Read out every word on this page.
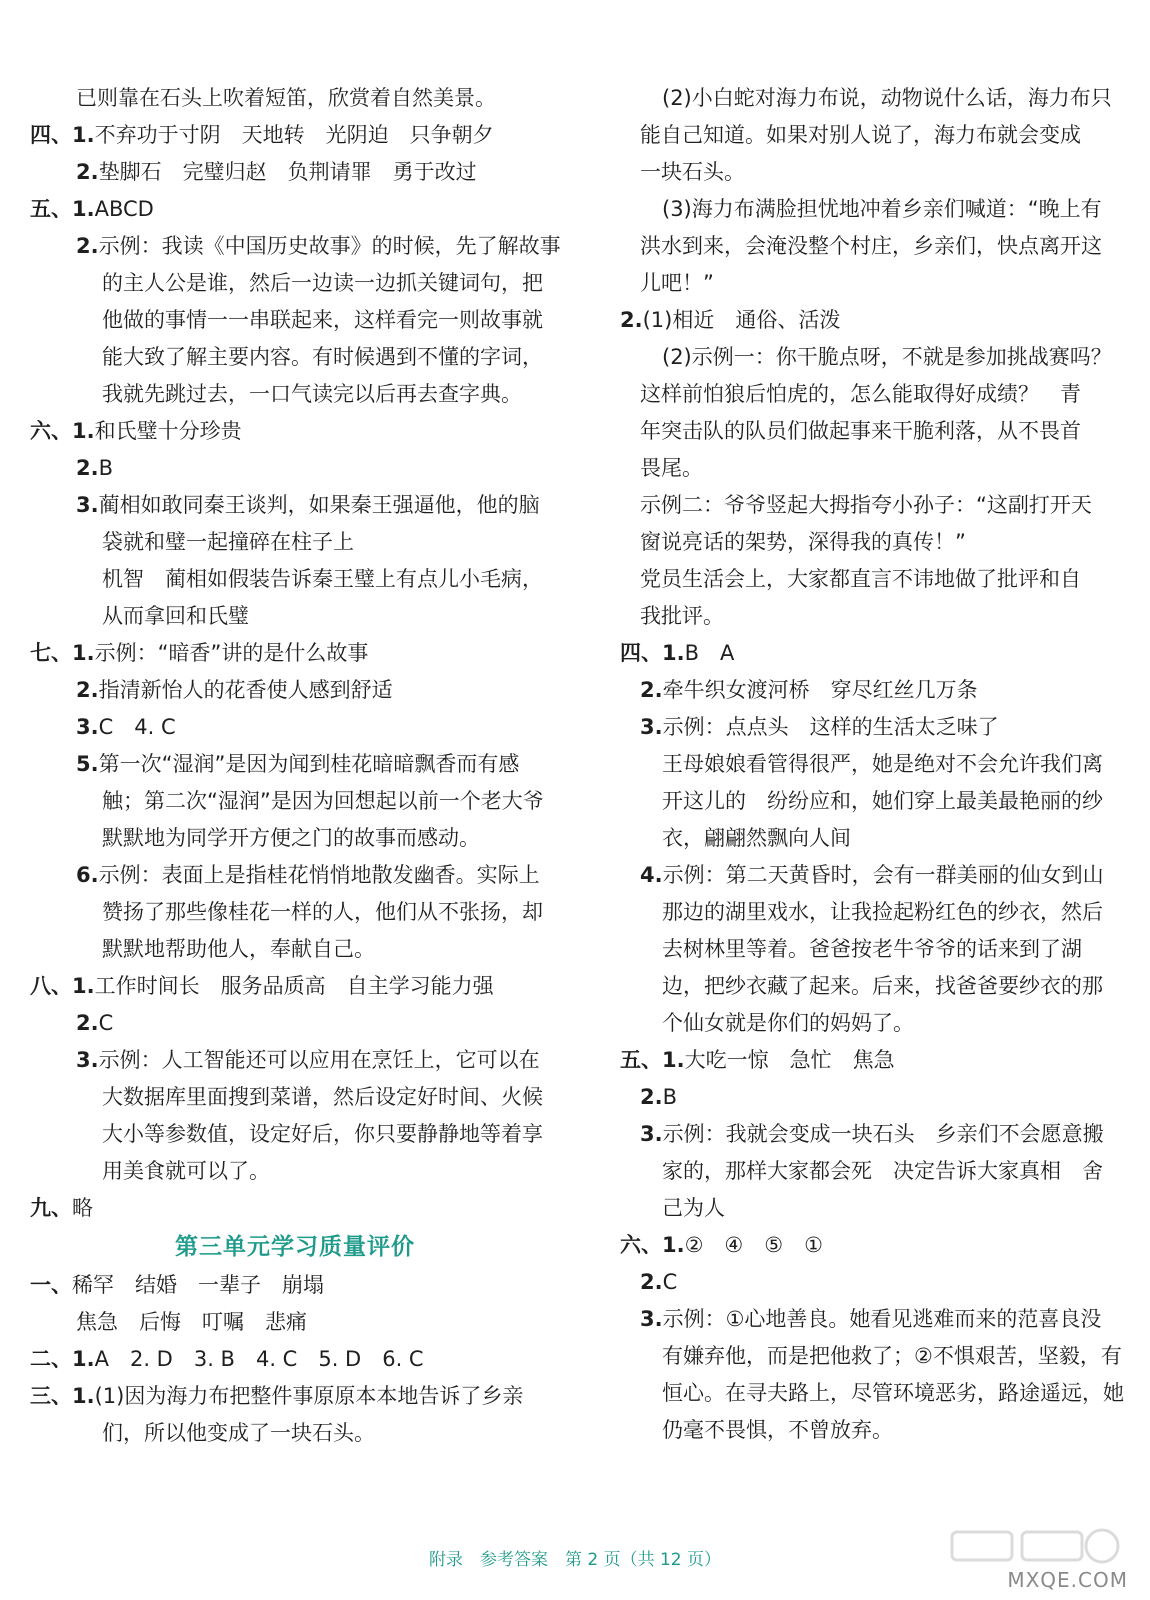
已则靠在石头上吹着短笛，欣赏着自然美景。
四、1.不弃功于寸阴　天地转　光阴迫　只争朝夕
2.垫脚石　完璧归赵　负荆请罪　勇于改过
五、1.ABCD
2.示例：我读《中国历史故事》的时候，先了解故事
的主人公是谁，然后一边读一边抓关键词句，把
他做的事情一一串联起来，这样看完一则故事就
能大致了解主要内容。有时候遇到不懂的字词，
我就先跳过去，一口气读完以后再去查字典。
六、1.和氏璧十分珍贵
2.B
3.蔺相如敢同秦王谈判，如果秦王强逼他，他的脑
袋就和璧一起撞碎在柱子上
机智　蔺相如假装告诉秦王璧上有点儿小毛病，
从而拿回和氏璧
七、1.示例：“暗香”讲的是什么故事
2.指清新怡人的花香使人感到舒适
3.C　4. C
5.第一次“湿润”是因为闻到桂花暗暗飘香而有感
触；第二次“湿润”是因为回想起以前一个老大爷
默默地为同学开方便之门的故事而感动。
6.示例：表面上是指桂花悄悄地散发幽香。实际上
赞扬了那些像桂花一样的人，他们从不张扬，却
默默地帮助他人，奉献自己。
八、1.工作时间长　服务品质高　自主学习能力强
2.C
3.示例：人工智能还可以应用在烹饪上，它可以在
大数据库里面搜到菜谱，然后设定好时间、火候
大小等参数值，设定好后，你只要静静地等着享
用美食就可以了。
九、略
第三单元学习质量评价
一、稀罕　结婚　一辈子　崩塌
焦急　后悔　叮嘱　悲痛
二、1.A　2. D　3. B　4. C　5. D　6. C
三、1.(1)因为海力布把整件事原原本本地告诉了乡亲
们，所以他变成了一块石头。
(2)小白蛇对海力布说，动物说什么话，海力布只
能自己知道。如果对别人说了，海力布就会变成
一块石头。
(3)海力布满脸担忧地冲着乡亲们喊道：“晚上有
洪水到来，会淹没整个村庄，乡亲们，快点离开这
儿吧！”
2.(1)相近　通俗、活泼
(2)示例一：你干脆点呀，不就是参加挑战赛吗？
这样前怕狼后怕虎的，怎么能取得好成绩？　青
年突击队的队员们做起事来干脆利落，从不畏首
畏尾。
示例二：爷爷竖起大拇指夸小孙子：“这副打开天
窗说亮话的架势，深得我的真传！”
党员生活会上，大家都直言不讳地做了批评和自
我批评。
四、1.B　A
2.牵牛织女渡河桥　穿尽红丝几万条
3.示例：点点头　这样的生活太乏味了
王母娘娘看管得很严，她是绝对不会允许我们离
开这儿的　纷纷应和，她们穿上最美最艳丽的纱
衣，翩翩然飘向人间
4.示例：第二天黄昏时，会有一群美丽的仙女到山
那边的湖里戏水，让我捡起粉红色的纱衣，然后
去树林里等着。爸爸按老牛爷爷的话来到了湖
边，把纱衣藏了起来。后来，找爸爸要纱衣的那
个仙女就是你们的妈妈了。
五、1.大吃一惊　急忙　焦急
2.B
3.示例：我就会变成一块石头　乡亲们不会愿意搬
家的，那样大家都会死　决定告诉大家真相　舍
己为人
六、1.②　④　⑤　①
2.C
3.示例：①心地善良。她看见逃难而来的范喜良没
有嫌弃他，而是把他救了；②不惧艰苦，坚毅，有
恒心。在寻夫路上，尽管环境恶劣，路途遥远，她
仍毫不畏惧，不曾放弃。
附录　参考答案　第 2 页（共 12 页）
MXQE.COM
